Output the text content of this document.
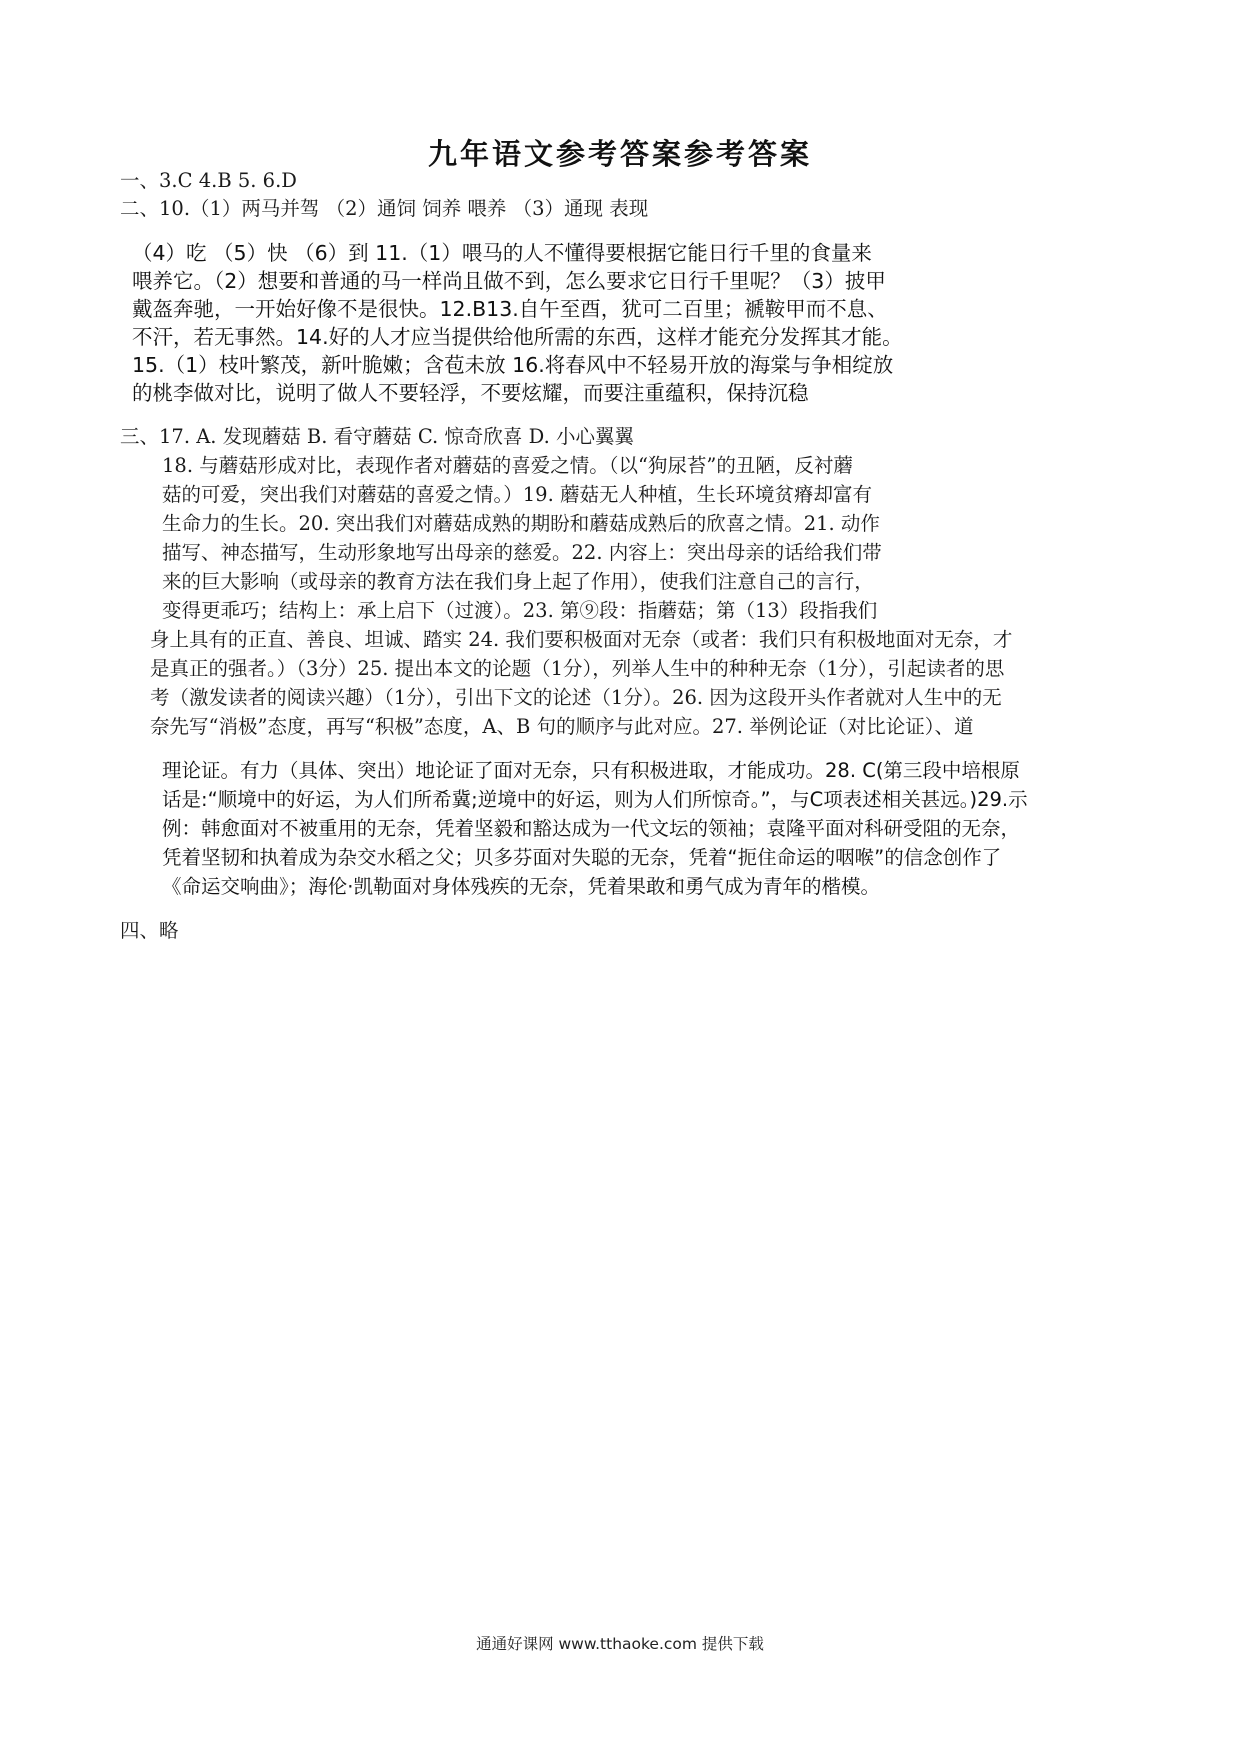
九年语文参考答案参考答案
一、3.C 4.B 5. 6.D
二、10.（1）两马并驾 （2）通饲 饲养 喂养 （3）通现 表现
（4）吃 （5）快 （6）到 11.（1）喂马的人不懂得要根据它能日行千里的食量来
喂养它。（2）想要和普通的马一样尚且做不到，怎么要求它日行千里呢？（3）披甲
戴盔奔驰，一开始好像不是很快。12.B13.自午至酉，犹可二百里；褫鞍甲而不息、
不汗，若无事然。14.好的人才应当提供给他所需的东西，这样才能充分发挥其才能。
15.（1）枝叶繁茂，新叶脆嫩；含苞未放 16.将春风中不轻易开放的海棠与争相绽放
的桃李做对比，说明了做人不要轻浮，不要炫耀，而要注重蕴积，保持沉稳
三、17. A. 发现蘑菇 B. 看守蘑菇 C. 惊奇欣喜 D. 小心翼翼
18. 与蘑菇形成对比，表现作者对蘑菇的喜爱之情。（以“狗尿苔”的丑陋，反衬蘑
菇的可爱，突出我们对蘑菇的喜爱之情。）19. 蘑菇无人种植，生长环境贫瘠却富有
生命力的生长。20. 突出我们对蘑菇成熟的期盼和蘑菇成熟后的欣喜之情。21. 动作
描写、神态描写，生动形象地写出母亲的慈爱。22. 内容上：突出母亲的话给我们带
来的巨大影响（或母亲的教育方法在我们身上起了作用），使我们注意自己的言行，
变得更乖巧；结构上：承上启下（过渡）。23. 第⑨段：指蘑菇；第（13）段指我们
身上具有的正直、善良、坦诚、踏实 24. 我们要积极面对无奈（或者：我们只有积极地面对无奈，才
是真正的强者。）（3分）25. 提出本文的论题（1分），列举人生中的种种无奈（1分），引起读者的思
考（激发读者的阅读兴趣）（1分），引出下文的论述（1分）。26. 因为这段开头作者就对人生中的无
奈先写“消极”态度，再写“积极”态度，A、B 句的顺序与此对应。27. 举例论证（对比论证）、道
理论证。有力（具体、突出）地论证了面对无奈，只有积极进取，才能成功。28. C(第三段中培根原
话是:“顺境中的好运，为人们所希冀;逆境中的好运，则为人们所惊奇。”，与C项表述相关甚远。)29.示
例：韩愈面对不被重用的无奈，凭着坚毅和豁达成为一代文坛的领袖；袁隆平面对科研受阻的无奈，
凭着坚韧和执着成为杂交水稻之父；贝多芬面对失聪的无奈，凭着“扼住命运的咽喉”的信念创作了
《命运交响曲》；海伦·凯勒面对身体残疾的无奈，凭着果敢和勇气成为青年的楷模。
四、略
通通好课网 www.tthaoke.com 提供下载
